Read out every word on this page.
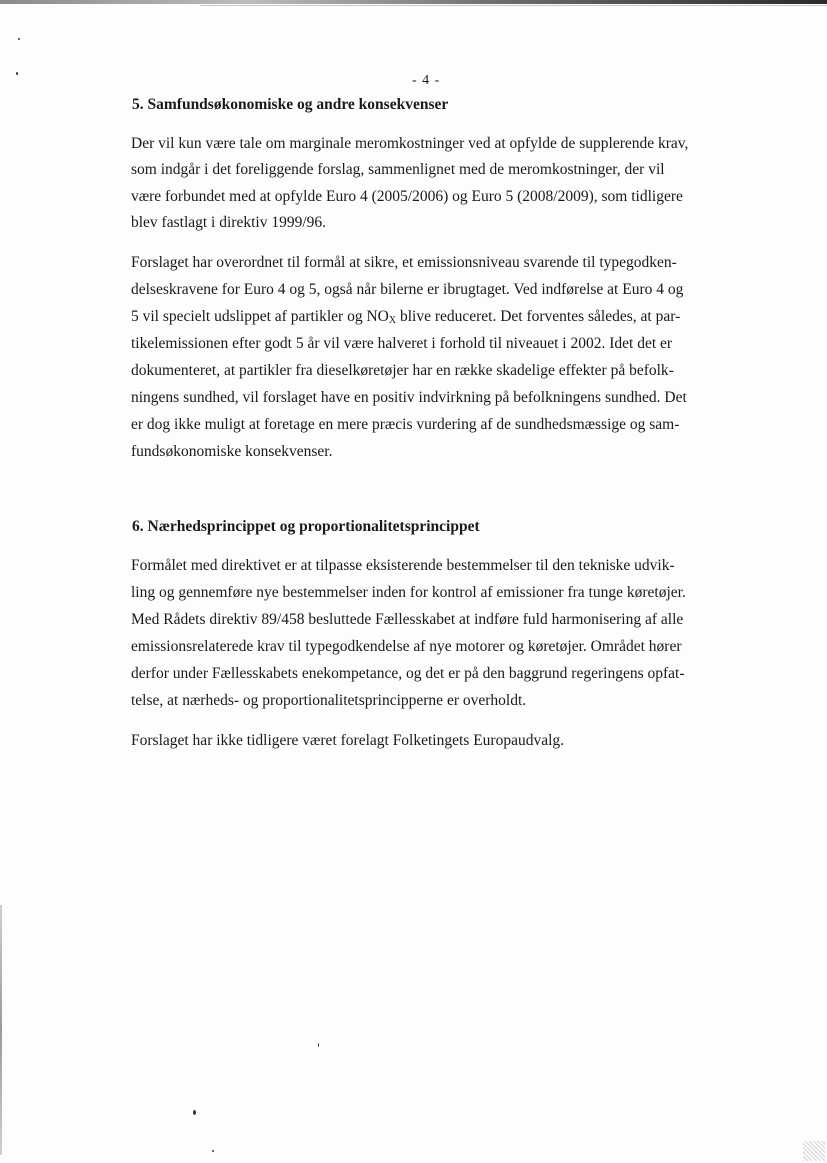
- 4 -
5. Samfundsøkonomiske og andre konsekvenser
Der vil kun være tale om marginale meromkostninger ved at opfylde de supplerende krav,
som indgår i det foreliggende forslag, sammenlignet med de meromkostninger, der vil
være forbundet med at opfylde Euro 4 (2005/2006) og Euro 5 (2008/2009), som tidligere
blev fastlagt i direktiv 1999/96.
Forslaget har overordnet til formål at sikre, et emissionsniveau svarende til typegodken-
delseskravene for Euro 4 og 5, også når bilerne er ibrugtaget. Ved indførelse at Euro 4 og
5 vil specielt udslippet af partikler og $NO_X$ blive reduceret. Det forventes således, at par-
tikelemissionen efter godt 5 år vil være halveret i forhold til niveauet i 2002. Idet det er
dokumenteret, at partikler fra dieselkøretøjer har en række skadelige effekter på befolk-
ningens sundhed, vil forslaget have en positiv indvirkning på befolkningens sundhed. Det
er dog ikke muligt at foretage en mere præcis vurdering af de sundhedsmæssige og sam-
fundsøkonomiske konsekvenser.
6. Nærhedsprincippet og proportionalitetsprincippet
Formålet med direktivet er at tilpasse eksisterende bestemmelser til den tekniske udvik-
ling og gennemføre nye bestemmelser inden for kontrol af emissioner fra tunge køretøjer.
Med Rådets direktiv 89/458 besluttede Fællesskabet at indføre fuld harmonisering af alle
emissionsrelaterede krav til typegodkendelse af nye motorer og køretøjer. Området hører
derfor under Fællesskabets enekompetance, og det er på den baggrund regeringens opfat-
telse, at nærheds- og proportionalitetsprincipperne er overholdt.
Forslaget har ikke tidligere været forelagt Folketingets Europaudvalg.
